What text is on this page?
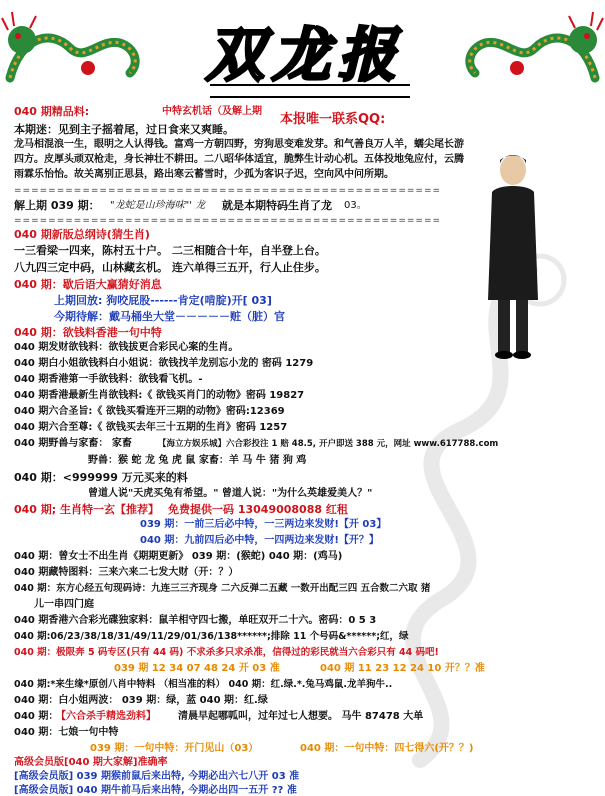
双龙报
040 期精品料:	中特玄机话（及解上期
本报唯一联系QQ:
本期迷：见到主子摇着尾，过日食来又爽睡。
龙马相混浪一生，眼明之人认得钱。富鸡一方朝四野，穷狗思变难发芽。和气善良万人羊，蠕尖尾长游
四方。皮厚头顽双枪走，身长神壮不耕田。二八昭华体适宜，脆弊生计动心机。五体投地兔应付，云腾
雨霖乐怡怡。故关离别正思县，路出寒云蓄雪时，少孤为客识子迟，空向风中问所期。
==================================================
解上期 039 期： "龙蛇是山珍海味"' 龙 就是本期特码生肖了龙 03。
==================================================
040 期新版总纲诗(猜生肖)
一三看梁一四来，陈村五十户。 二三相随合十年，自半登上台。
八九四三定中码，山林藏玄机。 连六单得三五开，行人止住步。
040 期：歇后语大赢猜好消息
上期回放: 狗咬屁股------肯定(啃腚)开[ 03]
今期待解：戴马桶坐大堂－－－－－赃（脏）官
040 期：欲钱料香港一句中特
040 期发财欲钱料：欲钱拔更合彩民心案的生肖。
040 期白小姐欲钱料白小姐说：欲钱找羊龙别忘小龙的 密码 1279
040 期香港第一手欲钱料：欲钱看飞机。-
040 期香港最新生肖欲钱料:《 欲钱买肖门的动物》密码 19827
040 期六合圣旨:《 欲钱买看连开三期的动物》密码:12369
040 期六合至尊:《 欲钱买去年三十五期的生肖》密码 1257
040 期野兽与家畜： 家畜	【海立方娱乐城】六合彩投注 1 赔 48.5, 开户即送 388 元，网址 www.617788.com
野兽：猴 蛇 龙 兔 虎 鼠 家畜：羊 马 牛 猪 狗 鸡
040 期：<999999 万元买来的料
曾道人说"天虎买兔有希望。" 曾道人说："为什么英雄爱美人？"
040 期; 生肖特一玄【推荐】 免费提供一码 13049008088 红租
039 期：一前三后必中特，一三两边来发财!【开 03】
040 期：九前四后必中特，一四两边来发财!【开？】
040 期：曾女士不出生肖《期期更新》 039 期：(猴蛇) 040 期：(鸡马)
040 期藏特图料：三来六来二七发大财（开：？）
040 期：东方心经五句现码诗：九连三三齐现身 二六反弹二五藏 一数开出配三四 五合数二六取 猪
儿一串四门庭
040 期香港六合彩光碟独家料：鼠羊相守四七搬，单旺双开二十六。密码：0 5 3
040 期:06/23/38/18/31/49/11/29/01/36/138******;排除 11 个号码&******;红，绿
040 期：极限奔 5 码专区(只有 44 码) 不求杀多只求杀准，信得过的彩民就当六合彩只有 44 码吧!
039 期 12 34 07 48 24 开 03 准	040 期 11 23 12 24 10 开？？准
040 期:*来生缘*原创八肖中特料 （相当准的料） 040 期：红.绿.*.兔马鸡鼠.龙羊狗牛..
040 期：白小姐两波： 039 期：绿，蓝 040 期：红.绿
040 期：
【六合杀手精选劲料】 清晨早起哪呱叫，过年过七人想要。 马牛 87478 大单
040 期：七娘一句中特
039 期：一句中特：开门见山（03）	040 期：一句中特：四七得六(开？？)
高级会员版[040 期大家解]准确率
[高级会员版] 039 期猴前鼠后来出特, 今期必出六七八开 03 准
[高级会员版] 040 期牛前马后来出特, 今期必出四一五开 ?? 准
